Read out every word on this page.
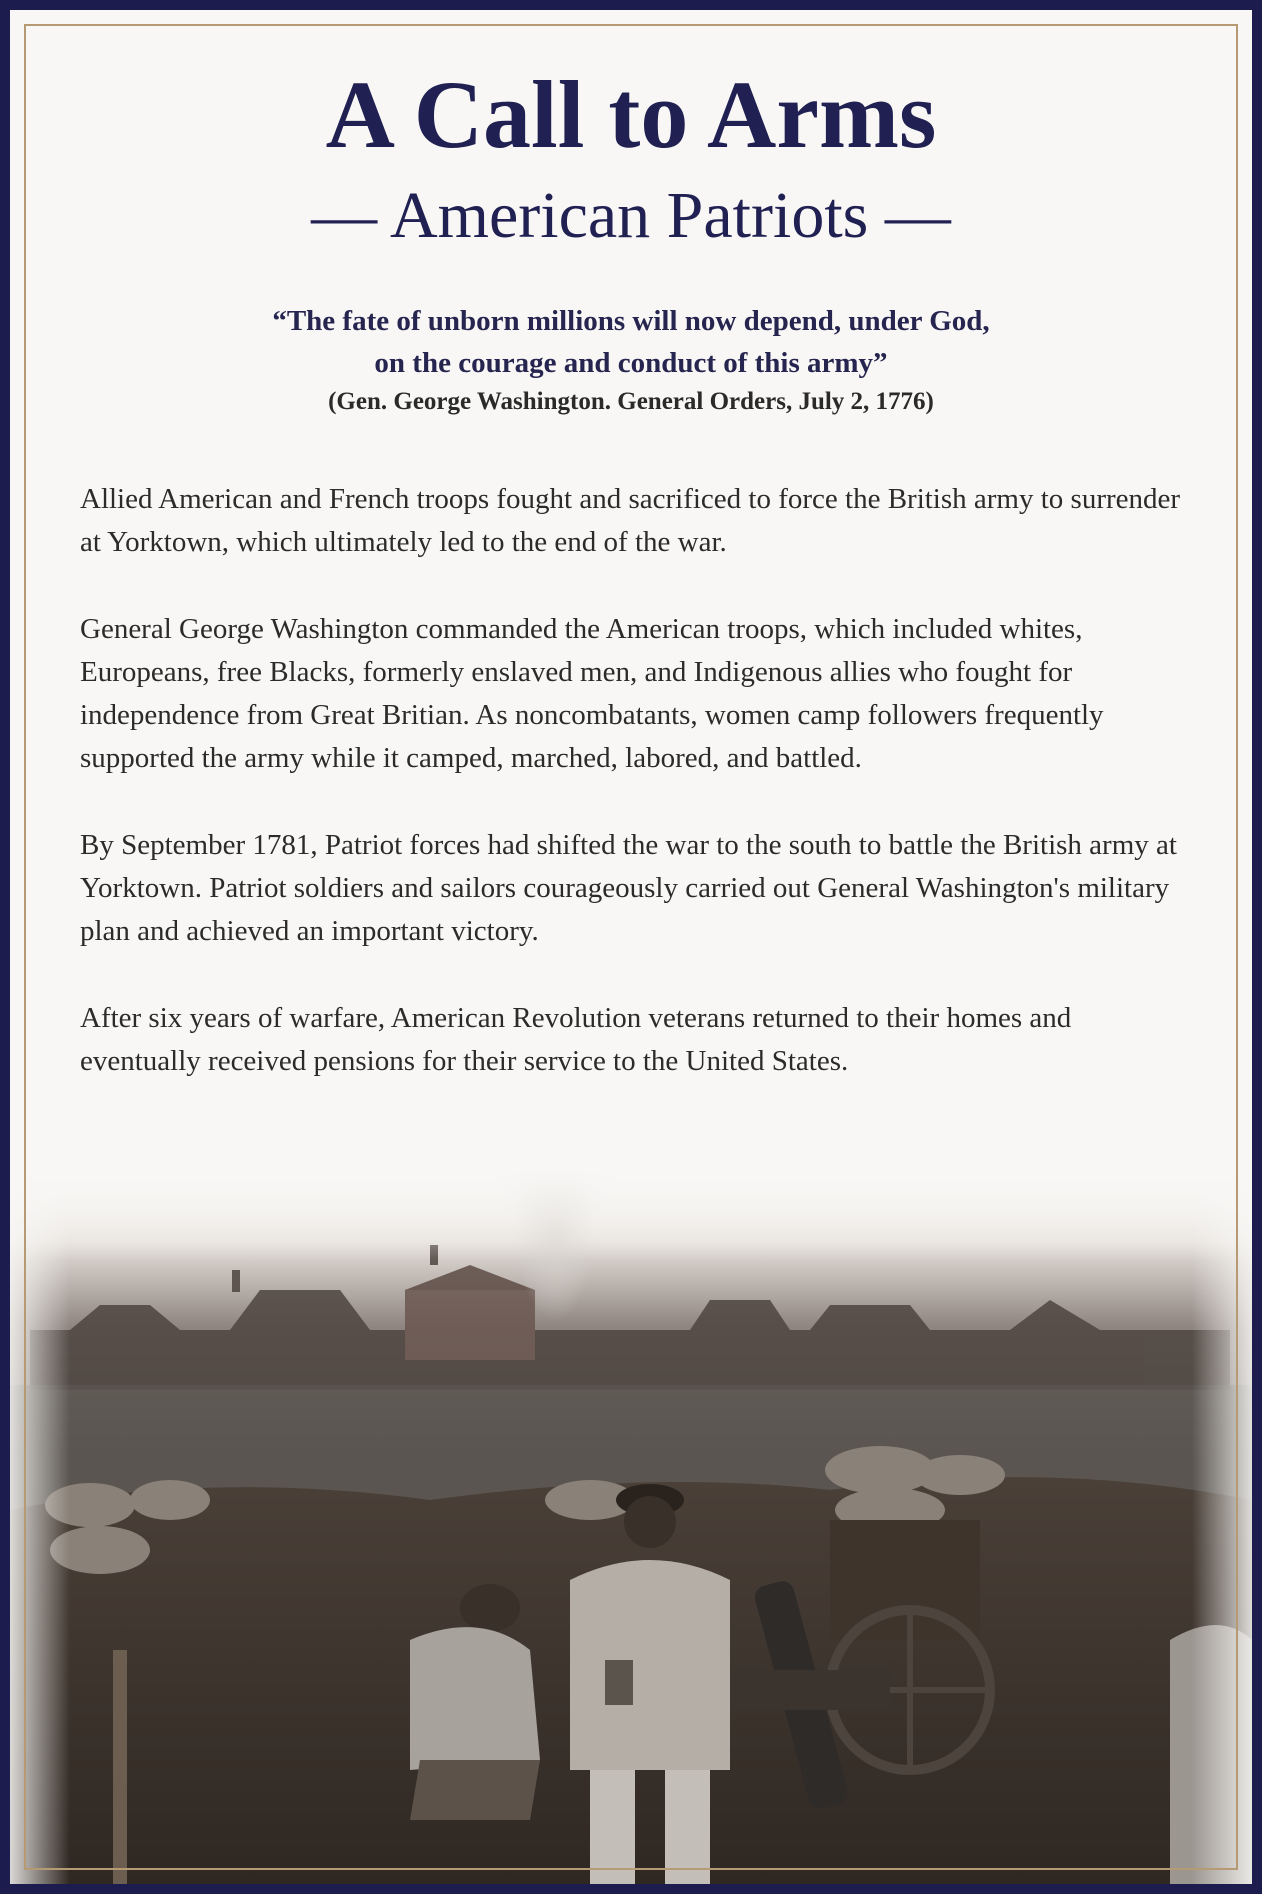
A Call to Arms
— American Patriots —
“The fate of unborn millions will now depend, under God,
on the courage and conduct of this army”
(Gen. George Washington. General Orders, July 2, 1776)

Allied American and French troops fought and sacrificed to force the British army to surrender at Yorktown, which ultimately led to the end of the war.

General George Washington commanded the American troops, which included whites, Europeans, free Blacks, formerly enslaved men, and Indigenous allies who fought for independence from Great Britian. As noncombatants, women camp followers frequently supported the army while it camped, marched, labored, and battled.

By September 1781, Patriot forces had shifted the war to the south to battle the British army at Yorktown. Patriot soldiers and sailors courageously carried out General Washington's military plan and achieved an important victory.

After six years of warfare, American Revolution veterans returned to their homes and eventually received pensions for their service to the United States.
